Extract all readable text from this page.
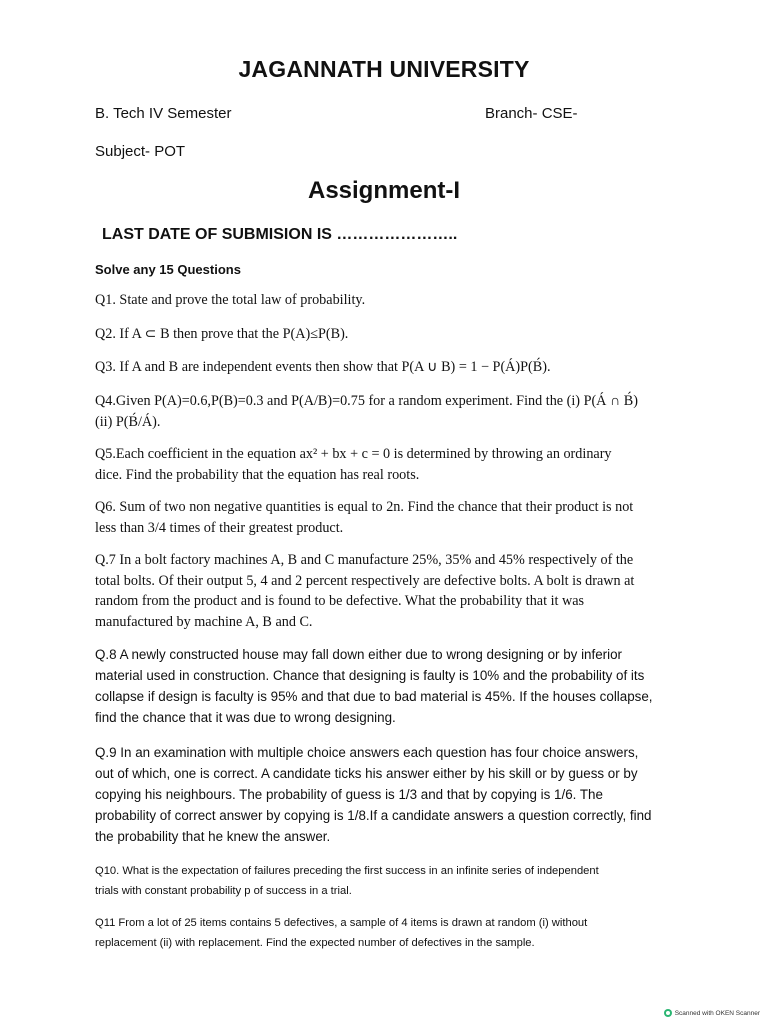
JAGANNATH UNIVERSITY
B. Tech IV Semester	Branch- CSE-
Subject- POT
Assignment-I
LAST DATE OF SUBMISION IS …………………..
Solve any 15 Questions
Q1. State and prove the total law of probability.
Q2. If A ⊂ B then prove that the P(A)≤P(B).
Q3. If A and B are independent events then show that P(A ∪ B) = 1 − P(Á)P(B́).
Q4.Given P(A)=0.6,P(B)=0.3 and P(A/B)=0.75 for a random experiment. Find the (i) P(Á ∩ B́)
(ii) P(B́/Á).
Q5.Each coefficient in the equation ax² + bx + c = 0 is determined by throwing an ordinary
dice. Find the probability that the equation has real roots.
Q6. Sum of two non negative quantities is equal to 2n. Find the chance that their product is not
less than 3/4 times of their greatest product.
Q.7 In a bolt factory machines A, B and C manufacture 25%, 35% and 45% respectively of the
total bolts. Of their output 5, 4 and 2 percent respectively are defective bolts. A bolt is drawn at
random from the product and is found to be defective. What the probability that it was
manufactured by machine A, B and C.
Q.8 A newly constructed house may fall down either due to wrong designing or by inferior
material used in construction. Chance that designing is faulty is 10% and the probability of its
collapse if design is faculty is 95% and that due to bad material is 45%. If the houses collapse,
find the chance that it was due to wrong designing.
Q.9 In an examination with multiple choice answers each question has four choice answers,
out of which, one is correct. A candidate ticks his answer either by his skill or by guess or by
copying his neighbours. The probability of guess is 1/3 and that by copying is 1/6. The
probability of correct answer by copying is 1/8.If a candidate answers a question correctly, find
the probability that he knew the answer.
Q10. What is the expectation of failures preceding the first success in an infinite series of independent
trials with constant probability p of success in a trial.
Q11 From a lot of 25 items contains 5 defectives, a sample of 4 items is drawn at random (i) without
replacement (ii) with replacement. Find the expected number of defectives in the sample.
Scanned with OKEN Scanner
